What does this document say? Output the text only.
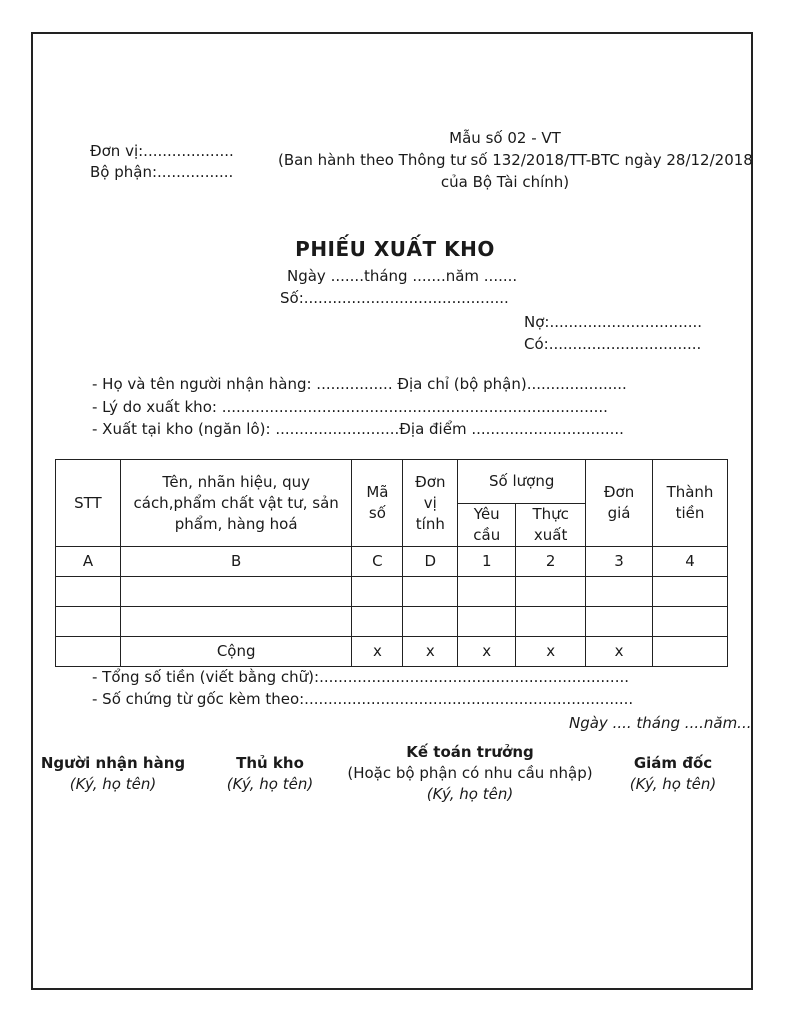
Đơn vị:...................
Bộ phận:................
Mẫu số 02 - VT
(Ban hành theo Thông tư số 132/2018/TT-BTC ngày 28/12/2018
của Bộ Tài chính)
PHIẾU XUẤT KHO
Ngày .......tháng .......năm .......
Số:...........................................
Nợ:................................
Có:................................
- Họ và tên người nhận hàng: ................ Địa chỉ (bộ phận).....................
- Lý do xuất kho: .................................................................................
- Xuất tại kho (ngăn lô): ..........................Địa điểm ................................
STT	Tên, nhãn hiệu, quy cách,phẩm chất vật tư, sản phẩm, hàng hoá	Mã số	Đơn vị tính	Số lượng		Đơn giá	Thành tiền
				Yêu cầu	Thực xuất		
A	B	C	D	1	2	3	4

	Cộng	x	x	x	x	x	
- Tổng số tiền (viết bằng chữ):.................................................................
- Số chứng từ gốc kèm theo:.....................................................................
Ngày .... tháng ....năm...
Người nhận hàng
(Ký, họ tên)
Thủ kho
(Ký, họ tên)
Kế toán trưởng
(Hoặc bộ phận có nhu cầu nhập)
(Ký, họ tên)
Giám đốc
(Ký, họ tên)
